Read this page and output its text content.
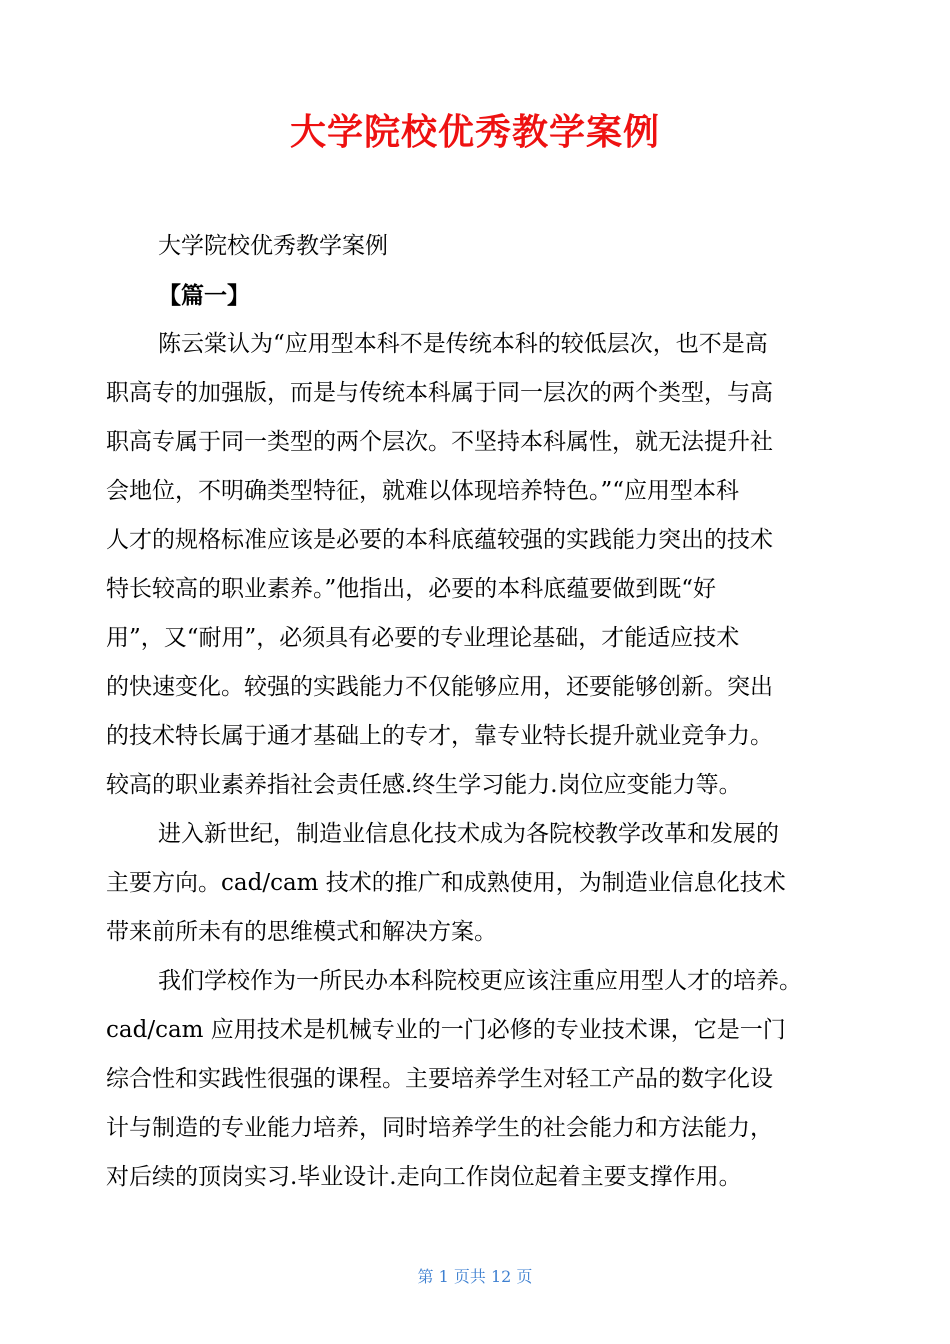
大学院校优秀教学案例
大学院校优秀教学案例
【篇一】
陈云棠认为“应用型本科不是传统本科的较低层次，也不是高
职高专的加强版，而是与传统本科属于同一层次的两个类型，与高
职高专属于同一类型的两个层次。不坚持本科属性，就无法提升社
会地位，不明确类型特征，就难以体现培养特色。”“应用型本科
人才的规格标准应该是必要的本科底蕴较强的实践能力突出的技术
特长较高的职业素养。”他指出，必要的本科底蕴要做到既“好
用”，又“耐用”，必须具有必要的专业理论基础，才能适应技术
的快速变化。较强的实践能力不仅能够应用，还要能够创新。突出
的技术特长属于通才基础上的专才，靠专业特长提升就业竞争力。
较高的职业素养指社会责任感.终生学习能力.岗位应变能力等。
进入新世纪，制造业信息化技术成为各院校教学改革和发展的
主要方向。cad/cam 技术的推广和成熟使用，为制造业信息化技术
带来前所未有的思维模式和解决方案。
我们学校作为一所民办本科院校更应该注重应用型人才的培养。
cad/cam 应用技术是机械专业的一门必修的专业技术课，它是一门
综合性和实践性很强的课程。主要培养学生对轻工产品的数字化设
计与制造的专业能力培养，同时培养学生的社会能力和方法能力，
对后续的顶岗实习.毕业设计.走向工作岗位起着主要支撑作用。
第 1 页共 12 页
